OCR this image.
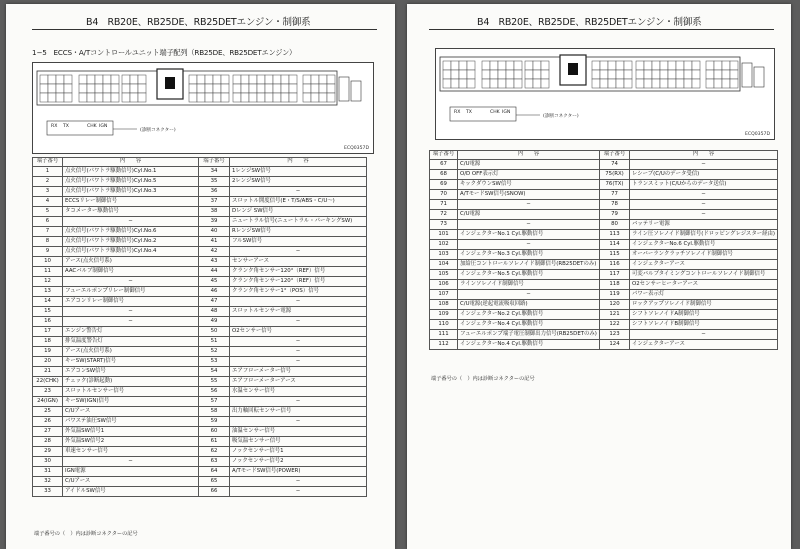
B4　RB20E、RB25DE、RB25DETエンジン・制御系
1−5　ECCS・A/Tコントロールユニット端子配列（RB25DE、RB25DETエンジン）
RX TX	CHK IGN
(診断コネクター)
ECQ0357D
端子番号	内　　容	端子番号	内　　容
1	点火信号(パワトラ駆動信号)Cyl.No.1	34	1レンジSW信号
2	点火信号(パワトラ駆動信号)Cyl.No.5	35	2レンジSW信号
3	点火信号(パワトラ駆動信号)Cyl.No.3	36	−
4	ECCSリレー制御信号	37	スロットル開度信号(E・T/S/ABS・C/U〜)
5	タコメーター駆動信号	38	Dレンジ SW信号
6	−	39	ニュートラル信号(ニュートラル・パーキングSW)
7	点火信号(パワトラ駆動信号)Cyl.No.6	40	RレンジSW信号
8	点火信号(パワトラ駆動信号)Cyl.No.2	41	フルSW信号
9	点火信号(パワトラ駆動信号)Cyl.No.4	42	−
10	アース(点火信号系)	43	センサーアース
11	AACバルブ制御信号	44	クランク角センサー120°（REF）信号
12	−	45	クランク角センサー120°（REF）信号
13	フューエルポンプリレー制御信号	46	クランク角センサー1°（POS）信号
14	エアコンリレー制御信号	47	−
15	−	48	スロットルセンサー電源
16	−	49	−
17	エンジン警告灯	50	O2センサー信号
18	排気温度警告灯	51	−
19	アース(点火信号系)	52	−
20	キーSW(START)信号	53	−
21	エアコンSW信号	54	エアフローメーター信号
22(CHK)	チェック(診断起動)	55	エアフローメーターアース
23	スロットルセンサー信号	56	水温センサー信号
24(IGN)	キーSW(IGN)信号	57	−
25	C/Uアース	58	出力軸回転センサー信号
26	パワステ油圧SW信号	59	−
27	外気温SW信号1	60	油温センサー信号
28	外気温SW信号2	61	吸気温センサー信号
29	車速センサー信号	62	ノックセンサー信号1
30	−	63	ノックセンサー信号2
31	IGN電源	64	A/TモードSW信号(POWER)
32	C/Uアース	65	−
33	アイドルSW信号	66	−
端子番号の（　）内は診断コネクターの記号
B4　RB20E、RB25DE、RB25DETエンジン・制御系
RX TX	CHK IGN
(診断コネクター)
ECQ0357D
端子番号	内　　容	端子番号	内　　容
67	C/U電源	74	−
68	O/D OFF表示灯	75(RX)	レシーブ(C/Uのデータ受信)
69	キックダウンSW信号	76(TX)	トランスミット(C/Uからのデータ送信)
70	A/TモードSW信号(SNOW)	77	−
71	−	78	−
72	C/U電源	79	−
73	−	80	バッテリー電源
101	インジェクターNo.1 Cyl.駆動信号	113	ライン圧ソレノイド制御信号(ドロッピングレジスター経由)
102	−	114	インジェクターNo.6 Cyl.駆動信号
103	インジェクターNo.3 Cyl.駆動信号	115	オーバーランクラッチソレノイド制御信号
104	加給圧コントロールソレノイド制御信号(RB25DETのみ)	116	インジェクターアース
105	インジェクターNo.5 Cyl.駆動信号	117	可変バルブタイミングコントロールソレノイド制御信号
106	ラインソレノイド制御信号	118	O2センサーヒーターアース
107	−	119	パワー表示灯
108	C/U電源(逆起電流吸収回路)	120	ロックアップソレノイド制御信号
109	インジェクターNo.2 Cyl.駆動信号	121	シフトソレノイドA制御信号
110	インジェクターNo.4 Cyl.駆動信号	122	シフトソレノイドB制御信号
111	フューエルポンプ端子電圧制御出力信号(RB25DETのみ)	123	−
112	インジェクターNo.4 Cyl.駆動信号	124	インジェクターアース
端子番号の（　）内は診断コネクターの記号
